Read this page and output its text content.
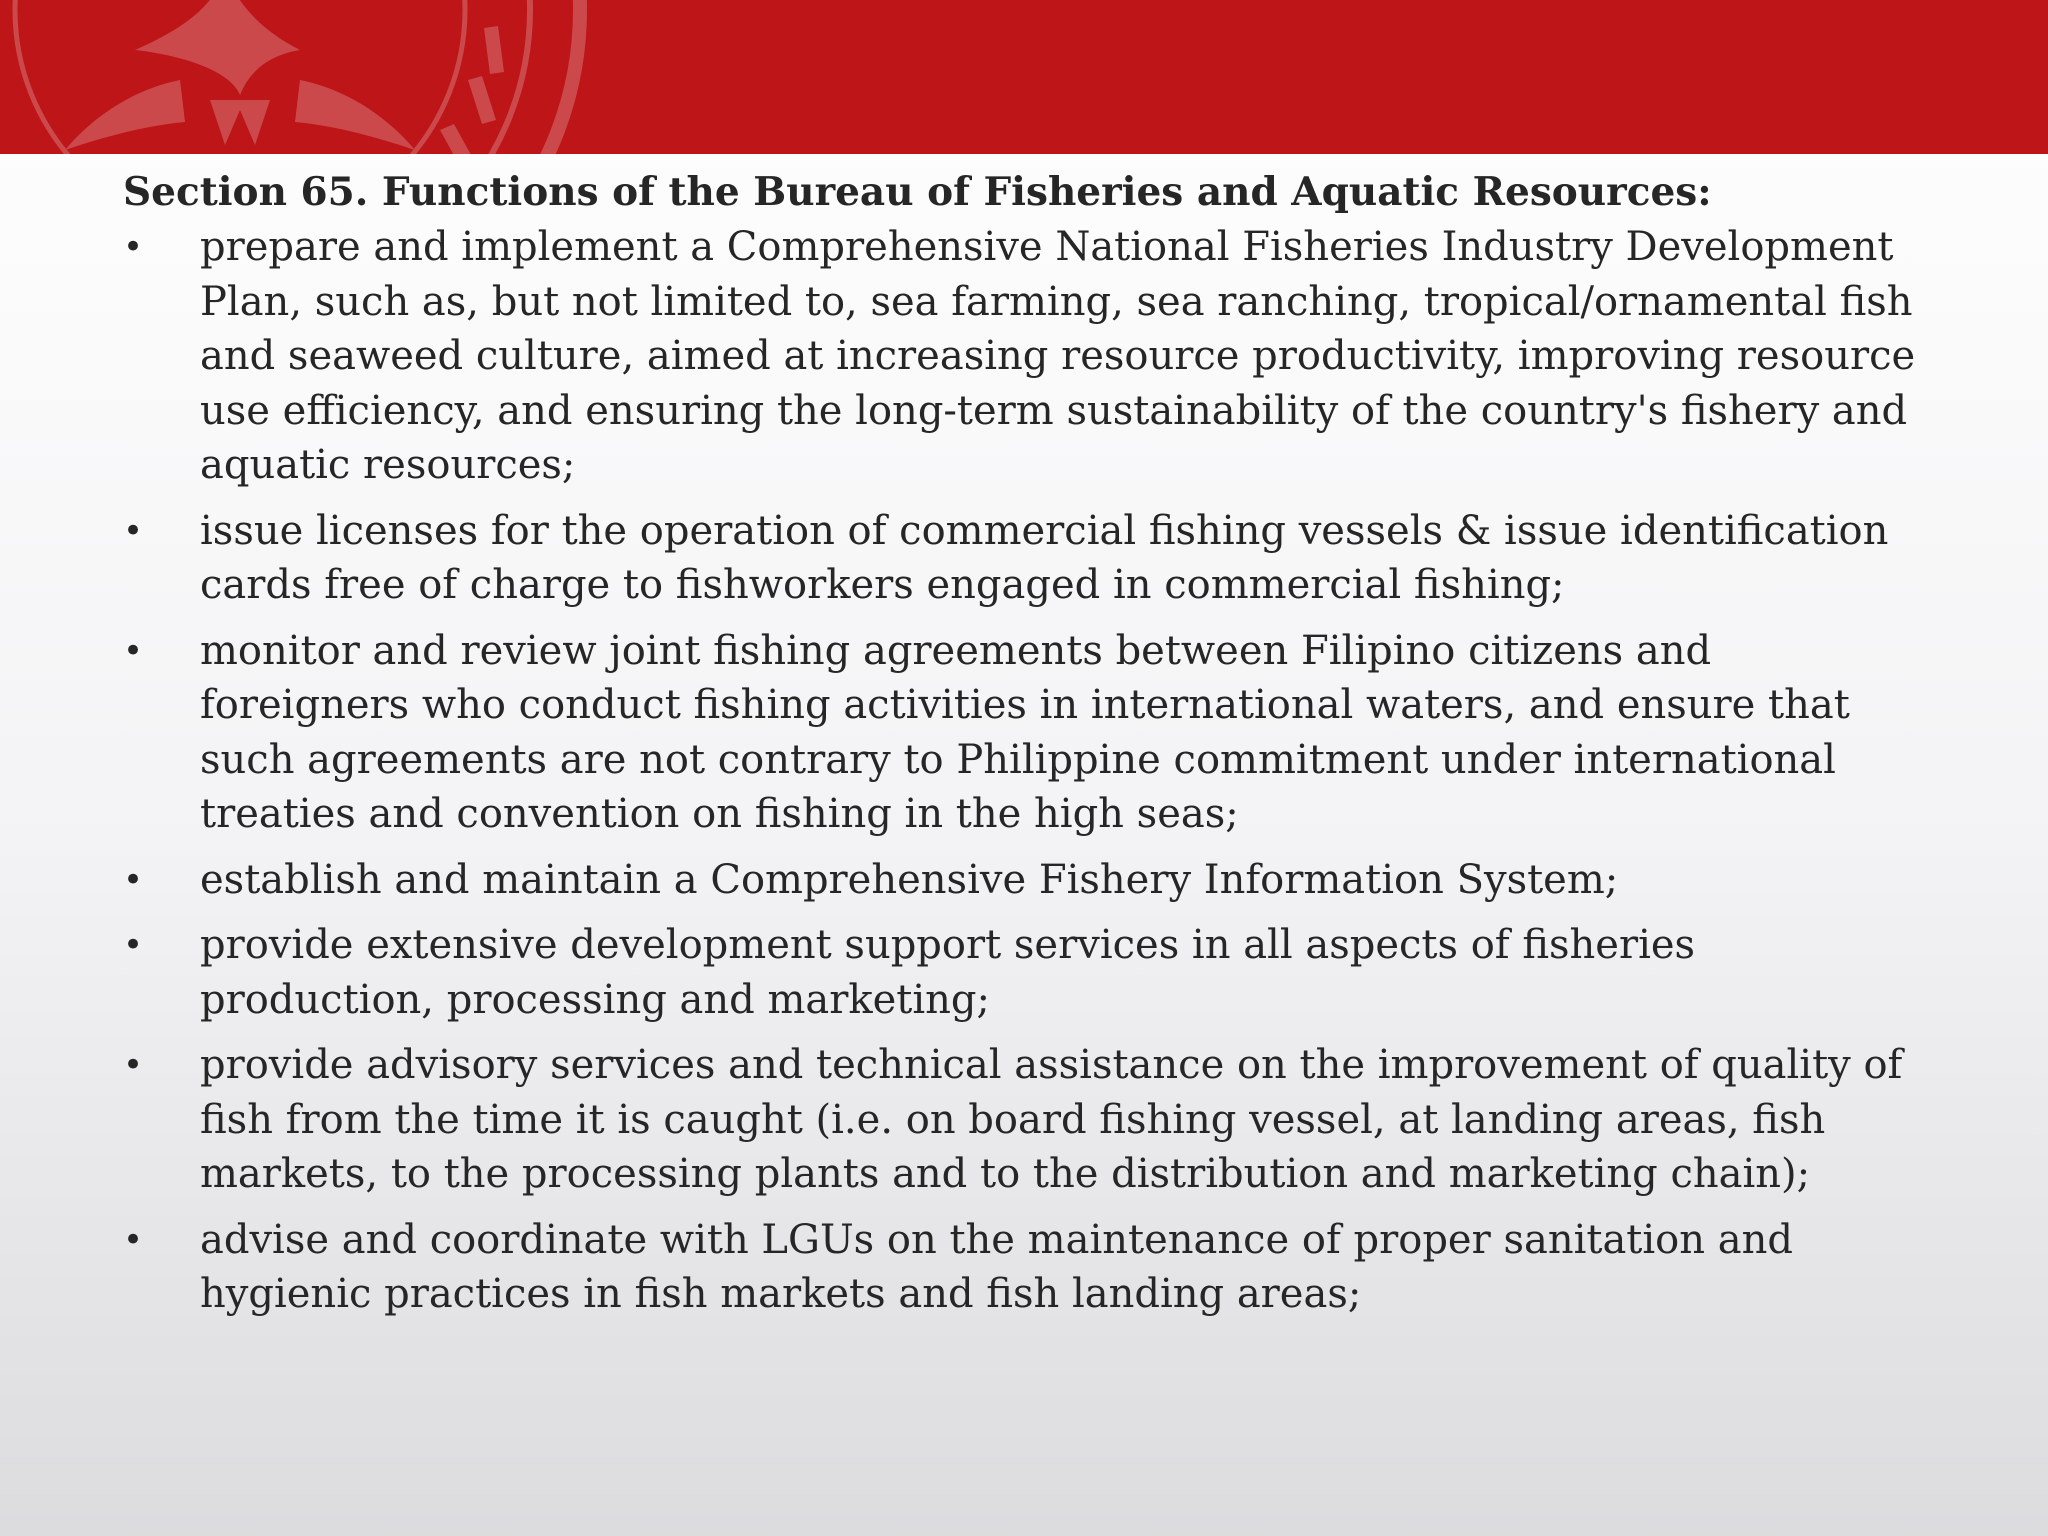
Section 65. Functions of the Bureau of Fisheries and Aquatic Resources:
• prepare and implement a Comprehensive National Fisheries Industry Development Plan, such as, but not limited to, sea farming, sea ranching, tropical/ornamental fish and seaweed culture, aimed at increasing resource productivity, improving resource use efficiency, and ensuring the long-term sustainability of the country's fishery and aquatic resources;
• issue licenses for the operation of commercial fishing vessels & issue identification cards free of charge to fishworkers engaged in commercial fishing;
• monitor and review joint fishing agreements between Filipino citizens and foreigners who conduct fishing activities in international waters, and ensure that such agreements are not contrary to Philippine commitment under international treaties and convention on fishing in the high seas;
• establish and maintain a Comprehensive Fishery Information System;
• provide extensive development support services in all aspects of fisheries production, processing and marketing;
• provide advisory services and technical assistance on the improvement of quality of fish from the time it is caught (i.e. on board fishing vessel, at landing areas, fish markets, to the processing plants and to the distribution and marketing chain);
• advise and coordinate with LGUs on the maintenance of proper sanitation and hygienic practices in fish markets and fish landing areas;
